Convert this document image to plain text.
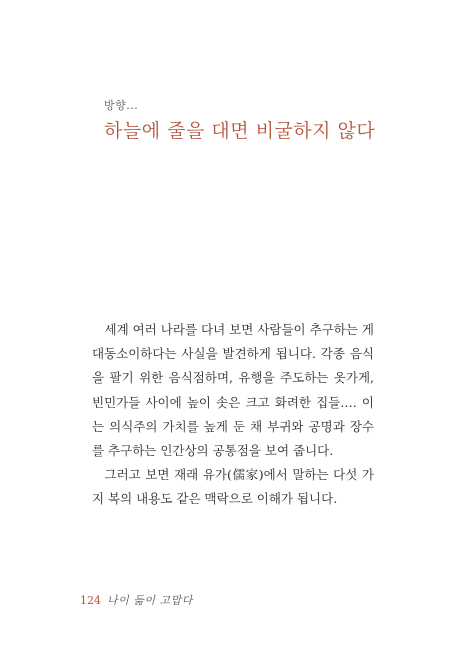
방향...
하늘에 줄을 대면 비굴하지 않다

세계 여러 나라를 다녀 보면 사람들이 추구하는 게 대동소이하다는 사실을 발견하게 됩니다. 각종 음식을 팔기 위한 음식점하며, 유행을 주도하는 옷가게, 빈민가들 사이에 높이 솟은 크고 화려한 집들…. 이는 의식주의 가치를 높게 둔 채 부귀와 공명과 장수를 추구하는 인간상의 공통점을 보여 줍니다.

그러고 보면 재래 유가(儒家)에서 말하는 다섯 가지 복의 내용도 같은 맥락으로 이해가 됩니다.

124 나이 듦이 고맙다
